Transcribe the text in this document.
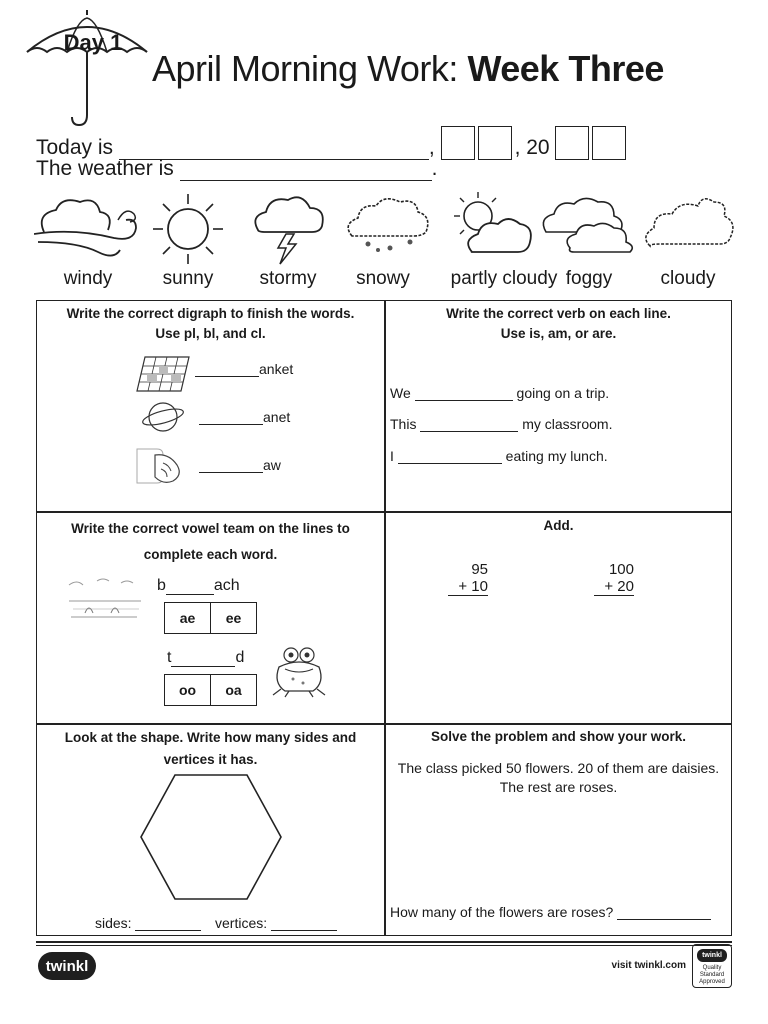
Day 1
April Morning Work: Week Three
Today is	,	, 20
The weather is	.
windy	sunny	stormy	snowy	partly cloudy foggy	cloudy
Write the correct digraph to finish the words.
Use pl, bl, and cl.
anket
anet
aw
Write the correct verb on each line.
Use is, am, or are.
We	going on a trip.
This	my classroom.
I	eating my lunch.
Write the correct vowel team on the lines to
complete each word.
b	ach
ae	ee
t	d
oo	oa
Add.
95
+ 10
100
+ 20
Look at the shape. Write how many sides and
vertices it has.
sides:	vertices:
Solve the problem and show your work.
The class picked 50 flowers. 20 of them are daisies.
The rest are roses.
How many of the flowers are roses?
twinkl	visit twinkl.com
twinkl
Quality Standard Approved
